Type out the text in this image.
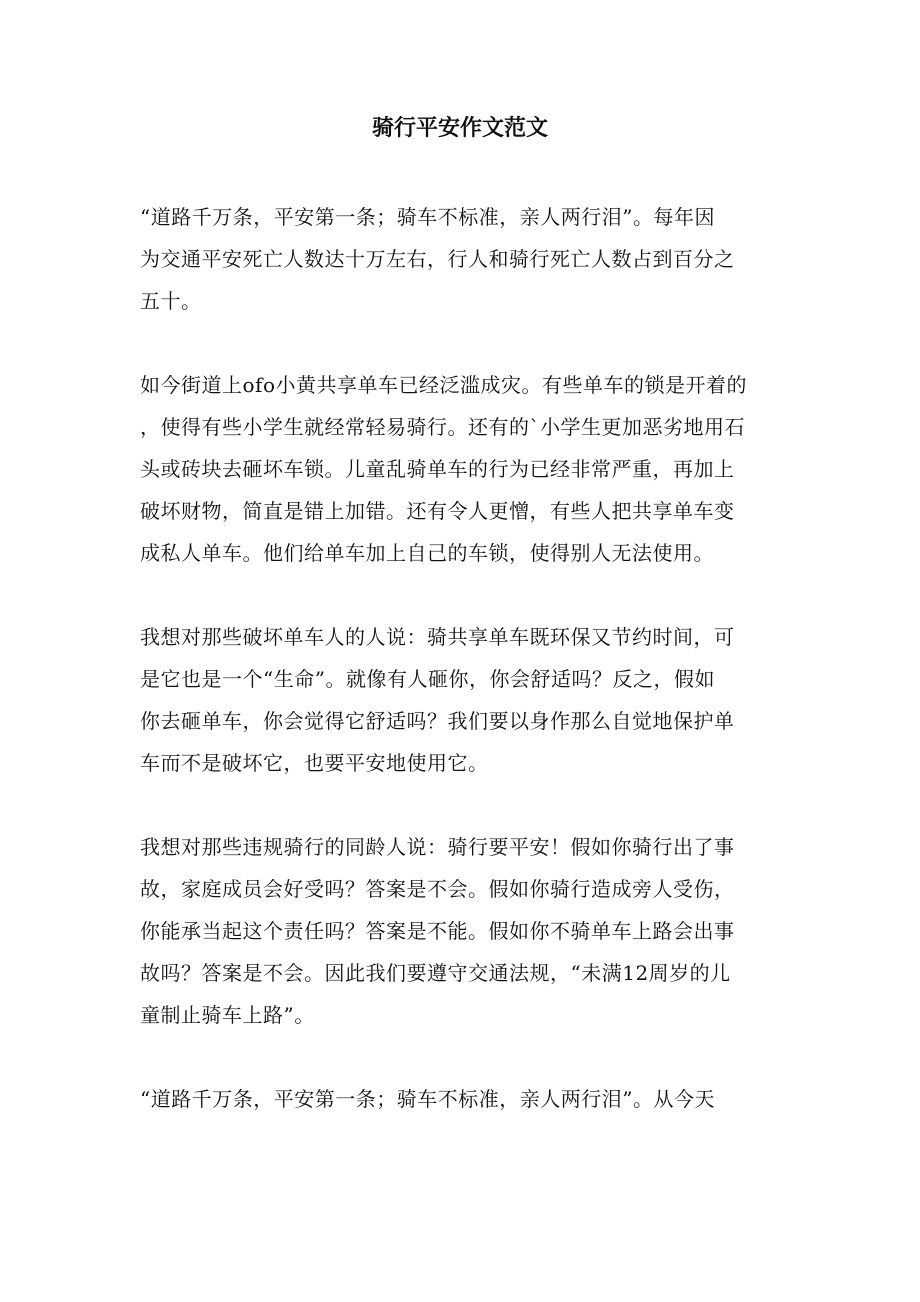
骑行平安作文范文

“道路千万条，平安第一条；骑车不标准，亲人两行泪”。每年因
为交通平安死亡人数达十万左右，行人和骑行死亡人数占到百分之
五十。

如今街道上ofo小黄共享单车已经泛滥成灾。有些单车的锁是开着的
，使得有些小学生就经常轻易骑行。还有的`小学生更加恶劣地用石
头或砖块去砸坏车锁。儿童乱骑单车的行为已经非常严重，再加上
破坏财物，简直是错上加错。还有令人更憎，有些人把共享单车变
成私人单车。他们给单车加上自己的车锁，使得别人无法使用。

我想对那些破坏单车人的人说：骑共享单车既环保又节约时间，可
是它也是一个“生命”。就像有人砸你，你会舒适吗？反之，假如
你去砸单车，你会觉得它舒适吗？我们要以身作那么自觉地保护单
车而不是破坏它，也要平安地使用它。

我想对那些违规骑行的同龄人说：骑行要平安！假如你骑行出了事
故，家庭成员会好受吗？答案是不会。假如你骑行造成旁人受伤，
你能承当起这个责任吗？答案是不能。假如你不骑单车上路会出事
故吗？答案是不会。因此我们要遵守交通法规，“未满12周岁的儿
童制止骑车上路”。

“道路千万条，平安第一条；骑车不标准，亲人两行泪”。从今天
